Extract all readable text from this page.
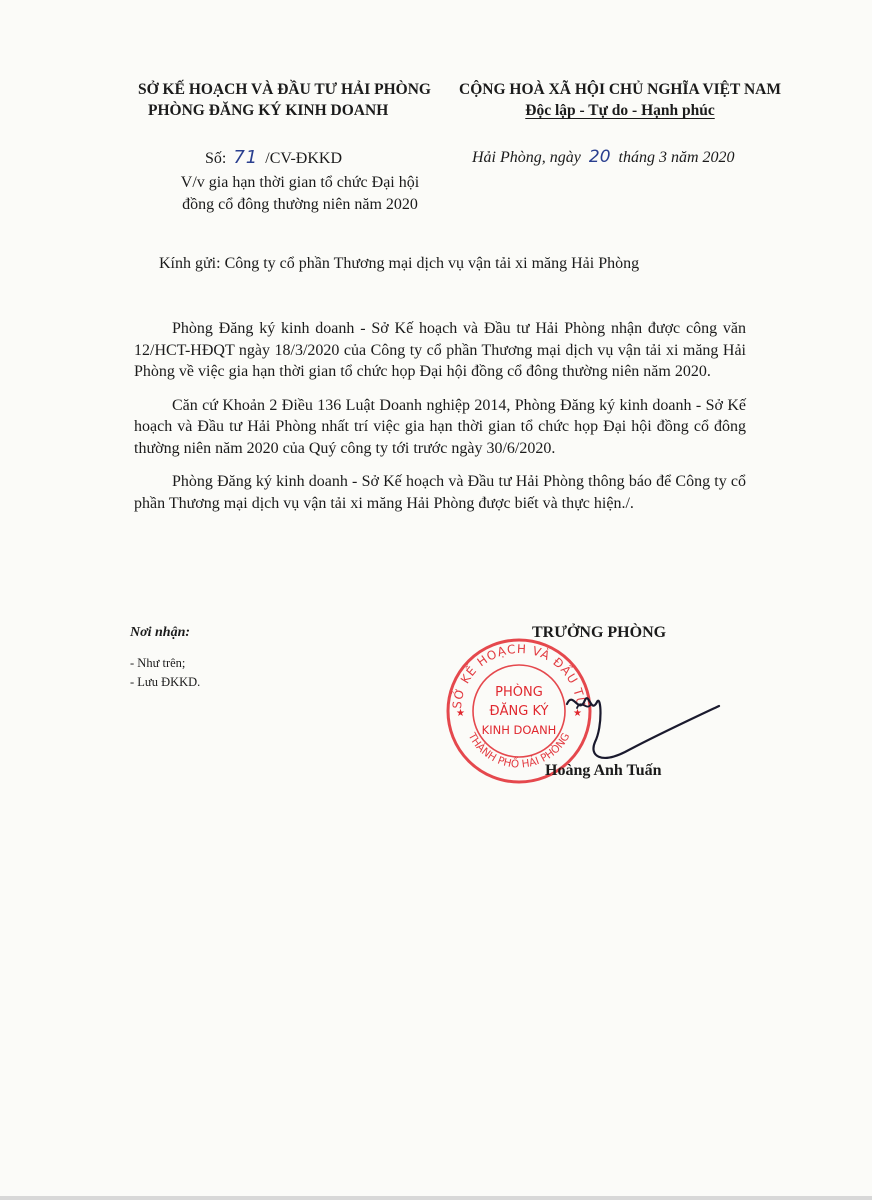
SỞ KẾ HOẠCH VÀ ĐẦU TƯ HẢI PHÒNG
PHÒNG ĐĂNG KÝ KINH DOANH
CỘNG HOÀ XÃ HỘI CHỦ NGHĨA VIỆT NAM
Độc lập - Tự do - Hạnh phúc
Số: 71 /CV-ĐKKD
V/v gia hạn thời gian tổ chức Đại hội
đồng cổ đông thường niên năm 2020
Hải Phòng, ngày 20 tháng 3 năm 2020
Kính gửi: Công ty cổ phần Thương mại dịch vụ vận tải xi măng Hải Phòng

Phòng Đăng ký kinh doanh - Sở Kế hoạch và Đầu tư Hải Phòng nhận được công văn 12/HCT-HĐQT ngày 18/3/2020 của Công ty cổ phần Thương mại dịch vụ vận tải xi măng Hải Phòng về việc gia hạn thời gian tổ chức họp Đại hội đồng cổ đông thường niên năm 2020.

Căn cứ Khoản 2 Điều 136 Luật Doanh nghiệp 2014, Phòng Đăng ký kinh doanh - Sở Kế hoạch và Đầu tư Hải Phòng nhất trí việc gia hạn thời gian tổ chức họp Đại hội đồng cổ đông thường niên năm 2020 của Quý công ty tới trước ngày 30/6/2020.

Phòng Đăng ký kinh doanh - Sở Kế hoạch và Đầu tư Hải Phòng thông báo để Công ty cổ phần Thương mại dịch vụ vận tải xi măng Hải Phòng được biết và thực hiện./.

Nơi nhận:
- Như trên;
- Lưu ĐKKD.
TRƯỞNG PHÒNG
SỞ KẾ HOẠCH VÀ ĐẦU TƯ
THÀNH PHỐ HẢI PHÒNG
★	★
PHÒNG
ĐĂNG KÝ
KINH DOANH
Hoàng Anh Tuấn
